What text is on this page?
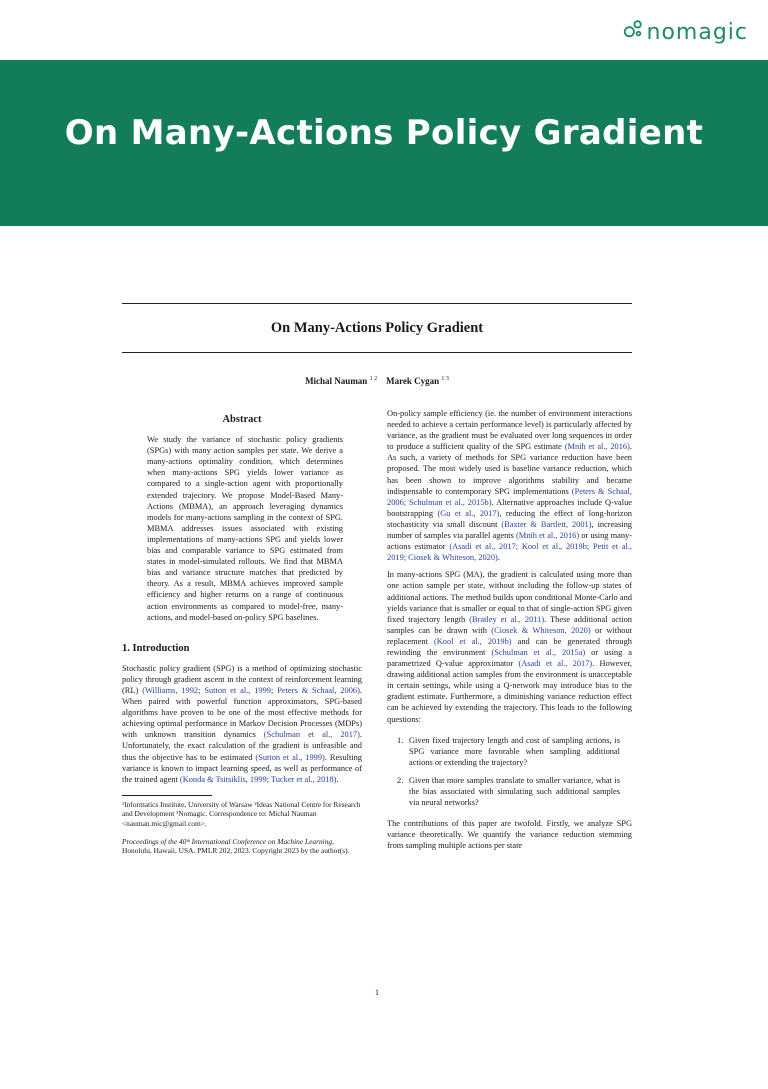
nomagic
On Many-Actions Policy Gradient
On Many-Actions Policy Gradient
Michal Nauman $^{1 2}$ Marek Cygan $^{1 3}$
Abstract
We study the variance of stochastic policy gradients (SPGs) with many action samples per state. We derive a many-actions optimality condition, which determines when many-actions SPG yields lower variance as compared to a single-action agent with proportionally extended trajectory. We propose Model-Based Many-Actions (MBMA), an approach leveraging dynamics models for many-actions sampling in the context of SPG. MBMA addresses issues associated with existing implementations of many-actions SPG and yields lower bias and comparable variance to SPG estimated from states in model-simulated rollouts. We find that MBMA bias and variance structure matches that predicted by theory. As a result, MBMA achieves improved sample efficiency and higher returns on a range of continuous action environments as compared to model-free, many-actions, and model-based on-policy SPG baselines.
1. Introduction
Stochastic policy gradient (SPG) is a method of optimizing stochastic policy through gradient ascent in the context of reinforcement learning (RL) (Williams, 1992; Sutton et al., 1999; Peters & Schaal, 2006). When paired with powerful function approximators, SPG-based algorithms have proven to be one of the most effective methods for achieving optimal performance in Markov Decision Processes (MDPs) with unknown transition dynamics (Schulman et al., 2017). Unfortunately, the exact calculation of the gradient is unfeasible and thus the objective has to be estimated (Sutton et al., 1999). Resulting variance is known to impact learning speed, as well as performance of the trained agent (Konda & Tsitsiklis, 1999; Tucker et al., 2018).
¹Informatics Institute, University of Warsaw ²Ideas National Centre for Research and Development ³Nomagic. Correspondence to: Michal Nauman <nauman.mic@gmail.com>.
Proceedings of the 40ᵗʰ International Conference on Machine Learning, Honolulu, Hawaii, USA. PMLR 202, 2023. Copyright 2023 by the author(s).
On-policy sample efficiency (ie. the number of environment interactions needed to achieve a certain performance level) is particularly affected by variance, as the gradient must be evaluated over long sequences in order to produce a sufficient quality of the SPG estimate (Mnih et al., 2016). As such, a variety of methods for SPG variance reduction have been proposed. The most widely used is baseline variance reduction, which has been shown to improve algorithms stability and became indispensable to contemporary SPG implementations (Peters & Schaal, 2006; Schulman et al., 2015b). Alternative approaches include Q-value bootstrapping (Gu et al., 2017), reducing the effect of long-horizon stochasticity via small discount (Baxter & Bartlett, 2001), increasing number of samples via parallel agents (Mnih et al., 2016) or using many-actions estimator (Asadi et al., 2017; Kool et al., 2019b; Petit et al., 2019; Ciosek & Whiteson, 2020).
In many-actions SPG (MA), the gradient is calculated using more than one action sample per state, without including the follow-up states of additional actions. The method builds upon conditional Monte-Carlo and yields variance that is smaller or equal to that of single-action SPG given fixed trajectory length (Bratley et al., 2011). These additional action samples can be drawn with (Ciosek & Whiteson, 2020) or without replacement (Kool et al., 2019b) and can be generated through rewinding the environment (Schulman et al., 2015a) or using a parametrized Q-value approximator (Asadi et al., 2017). However, drawing additional action samples from the environment is unacceptable in certain settings, while using a Q-network may introduce bias to the gradient estimate. Furthermore, a diminishing variance reduction effect can be achieved by extending the trajectory. This leads to the following questions:
1. Given fixed trajectory length and cost of sampling actions, is SPG variance more favorable when sampling additional actions or extending the trajectory?
2. Given that more samples translate to smaller variance, what is the bias associated with simulating such additional samples via neural networks?
The contributions of this paper are twofold. Firstly, we analyze SPG variance theoretically. We quantify the variance reduction stemming from sampling multiple actions per state
1
